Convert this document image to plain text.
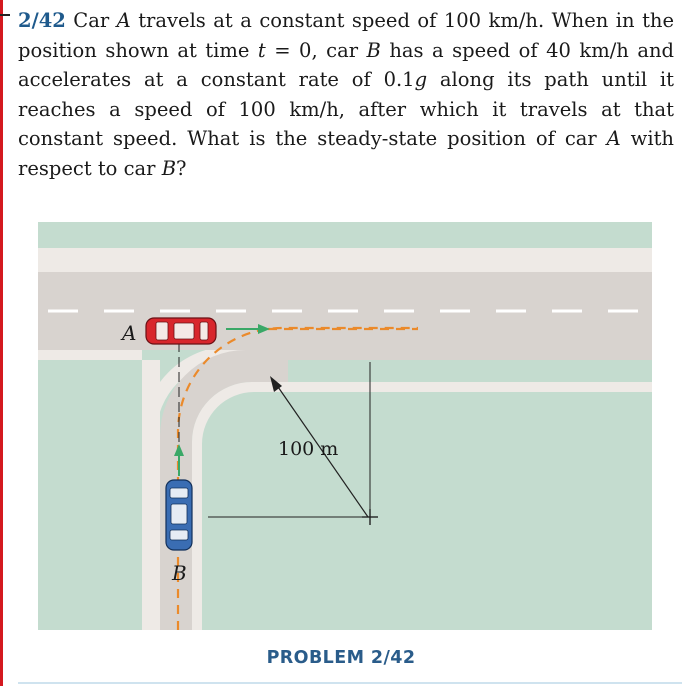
2/42 Car A travels at a constant speed of 100 km/h. When in the position shown at time t = 0, car B has a speed of 40 km/h and accelerates at a constant rate of 0.1g along its path until it reaches a speed of 100 km/h, after which it travels at that constant speed. What is the steady-state position of car A with respect to car B?
100 m
A
B
PROBLEM 2/42
